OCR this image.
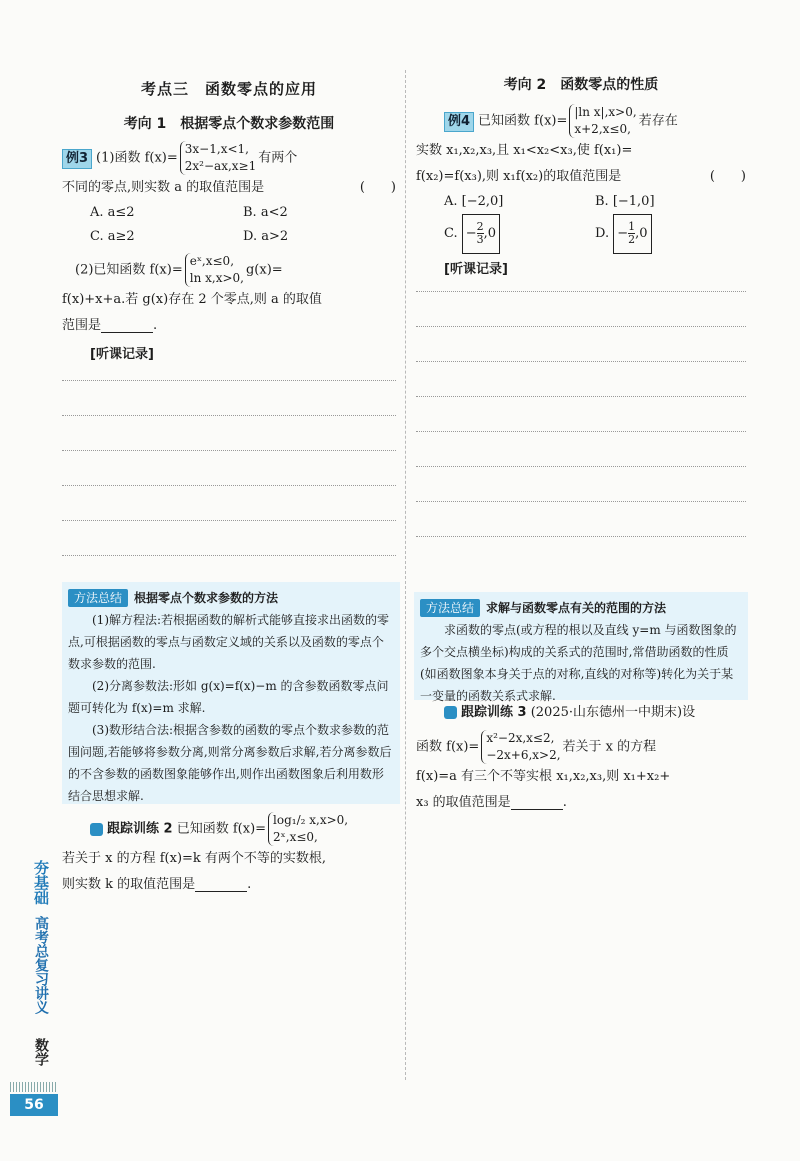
考点三　函数零点的应用
考向 1　根据零点个数求参数范围
例3 (1)函数 f(x)=3x−1,x<1,
2x²−ax,x≥1有两个
不同的零点,则实数 a 的取值范围是	(　　)
A. a≤2	B. a<2
C. a≥2	D. a>2
(2)已知函数 f(x)=eˣ,x≤0,
ln x,x>0,g(x)=
f(x)+x+a.若 g(x)存在 2 个零点,则 a 的取值
范围是	.
[听课记录]
方法总结 根据零点个数求参数的方法

(1)解方程法:若根据函数的解析式能够直接求出函数的零点,可根据函数的零点与函数定义域的关系以及函数的零点个数求参数的范围.

(2)分离参数法:形如 g(x)=f(x)−m 的含参数函数零点问题可转化为 f(x)=m 求解.

(3)数形结合法:根据含参数的函数的零点个数求参数的范围问题,若能够将参数分离,则常分离参数后求解,若分离参数后的不含参数的函数图象能够作出,则作出函数图象后利用数形结合思想求解.

跟踪训练 2 已知函数 f(x)=log₁/₂ x,x>0,
2ˣ,x≤0,
若关于 x 的方程 f(x)=k 有两个不等的实数根,
则实数 k 的取值范围是	.
考向 2　函数零点的性质
例4 已知函数 f(x)=|ln x|,x>0,
x+2,x≤0,若存在
实数 x₁,x₂,x₃,且 x₁<x₂<x₃,使 f(x₁)=
f(x₂)=f(x₃),则 x₁f(x₂)的取值范围是	(　　)
A. [−2,0]	B. [−1,0]
C. − $\frac{2}{3} ,0$	D. − $\frac{1}{2} ,0$
[听课记录]
方法总结 求解与函数零点有关的范围的方法

求函数的零点(或方程的根以及直线 y=m 与函数图象的多个交点横坐标)构成的关系式的范围时,常借助函数的性质(如函数图象本身关于点的对称,直线的对称等)转化为关于某一变量的函数关系式求解.

跟踪训练 3 (2025·山东德州一中期末)设
函数 f(x)=x²−2x,x≤2,
−2x+6,x>2,若关于 x 的方程
f(x)=a 有三个不等实根 x₁,x₂,x₃,则 x₁+x₂+
x₃ 的取值范围是	.
夯基础
高考总复习讲义
数学
56
